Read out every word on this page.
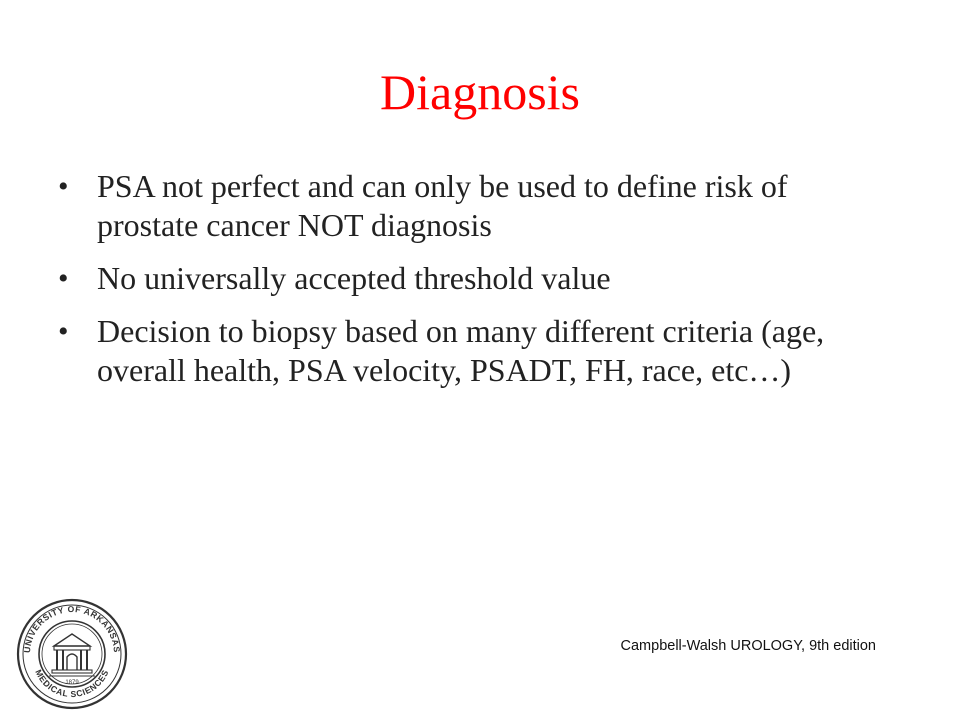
Diagnosis
• PSA not perfect and can only be used to define risk of prostate cancer NOT diagnosis
• No universally accepted threshold value
• Decision to biopsy based on many different criteria (age, overall health, PSA velocity, PSADT, FH, race, etc…)
UNIVERSITY OF ARKANSAS
MEDICAL SCIENCES
1879
Campbell-Walsh UROLOGY, 9th edition
